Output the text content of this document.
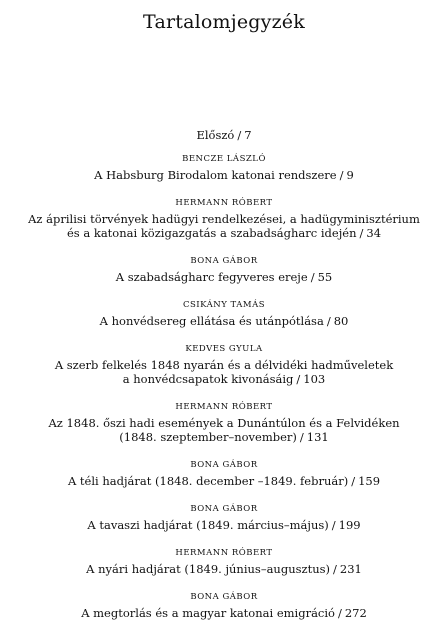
Tartalomjegyzék
Előszó / 7
BENCZE LÁSZLÓ
A Habsburg Birodalom katonai rendszere / 9
HERMANN RÓBERT
Az áprilisi törvények hadügyi rendelkezései, a hadügyminisztérium
és a katonai közigazgatás a szabadságharc idején / 34
BONA GÁBOR
A szabadságharc fegyveres ereje / 55
CSIKÁNY TAMÁS
A honvédsereg ellátása és utánpótlása / 80
KEDVES GYULA
A szerb felkelés 1848 nyarán és a délvidéki hadműveletek
a honvédcsapatok kivonásáig / 103
HERMANN RÓBERT
Az 1848. őszi hadi események a Dunántúlon és a Felvidéken
(1848. szeptember–november) / 131
BONA GÁBOR
A téli hadjárat (1848. december –1849. február) / 159
BONA GÁBOR
A tavaszi hadjárat (1849. március–május) / 199
HERMANN RÓBERT
A nyári hadjárat (1849. június–augusztus) / 231
BONA GÁBOR
A megtorlás és a magyar katonai emigráció / 272
